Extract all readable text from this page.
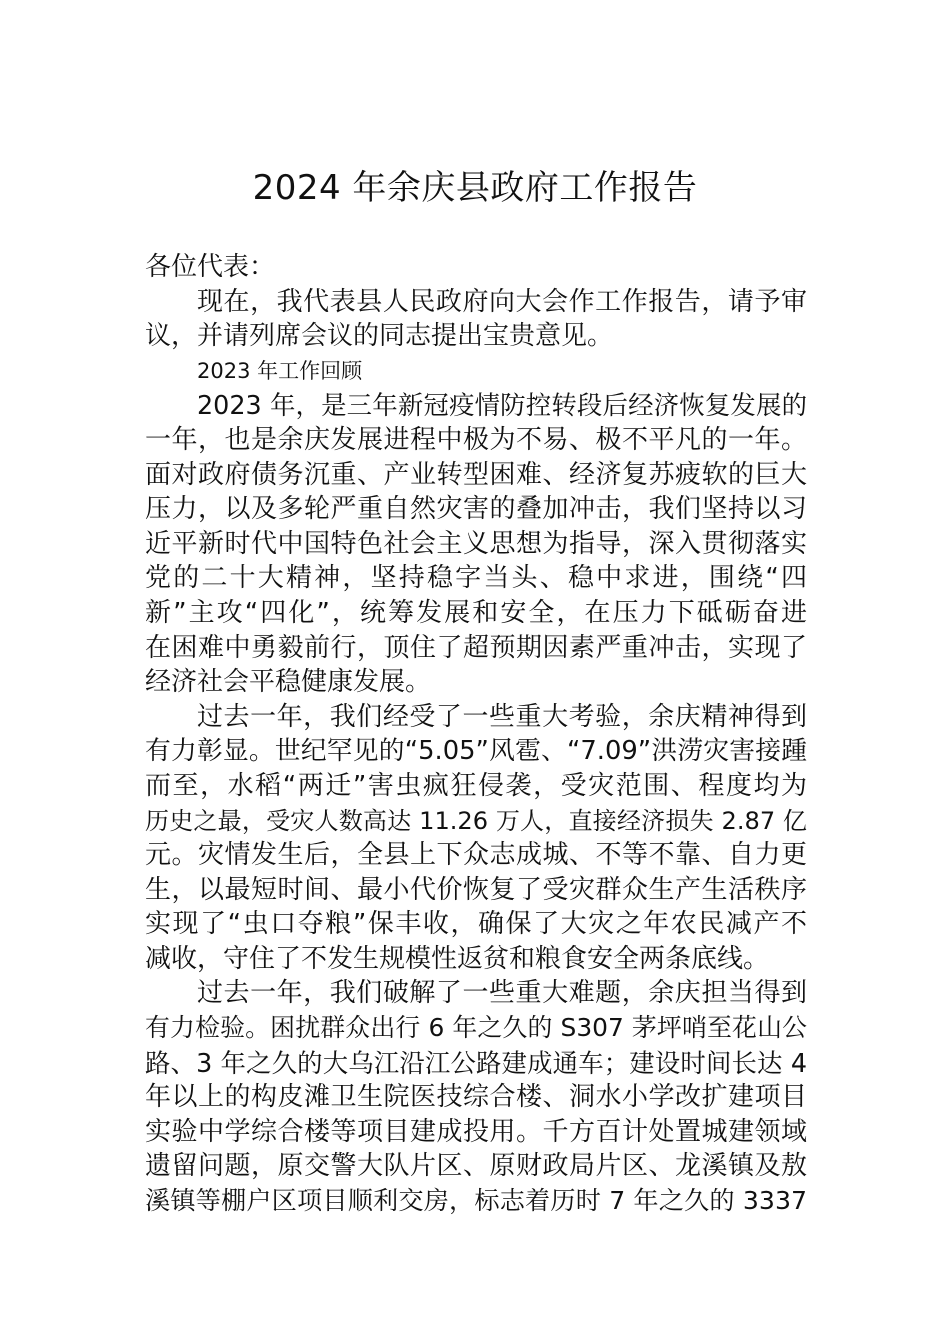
2024 年余庆县政府工作报告
各位代表：
现在，我代表县人民政府向大会作工作报告，请予审
议，并请列席会议的同志提出宝贵意见。
2023 年工作回顾
2023 年，是三年新冠疫情防控转段后经济恢复发展的
一年，也是余庆发展进程中极为不易、极不平凡的一年。
面对政府债务沉重、产业转型困难、经济复苏疲软的巨大
压力，以及多轮严重自然灾害的叠加冲击，我们坚持以习
近平新时代中国特色社会主义思想为指导，深入贯彻落实
党的二十大精神，坚持稳字当头、稳中求进，围绕“四
新”主攻“四化”，统筹发展和安全，在压力下砥砺奋进
在困难中勇毅前行，顶住了超预期因素严重冲击，实现了
经济社会平稳健康发展。
过去一年，我们经受了一些重大考验，余庆精神得到
有力彰显。世纪罕见的“5.05”风雹、“7.09”洪涝灾害接踵
而至，水稻“两迁”害虫疯狂侵袭，受灾范围、程度均为
历史之最，受灾人数高达 11.26 万人，直接经济损失 2.87 亿
元。灾情发生后，全县上下众志成城、不等不靠、自力更
生，以最短时间、最小代价恢复了受灾群众生产生活秩序
实现了“虫口夺粮”保丰收，确保了大灾之年农民减产不
减收，守住了不发生规模性返贫和粮食安全两条底线。
过去一年，我们破解了一些重大难题，余庆担当得到
有力检验。困扰群众出行 6 年之久的 S307 茅坪哨至花山公
路、3 年之久的大乌江沿江公路建成通车；建设时间长达 4
年以上的构皮滩卫生院医技综合楼、洞水小学改扩建项目
实验中学综合楼等项目建成投用。千方百计处置城建领域
遗留问题，原交警大队片区、原财政局片区、龙溪镇及敖
溪镇等棚户区项目顺利交房，标志着历时 7 年之久的 3337
